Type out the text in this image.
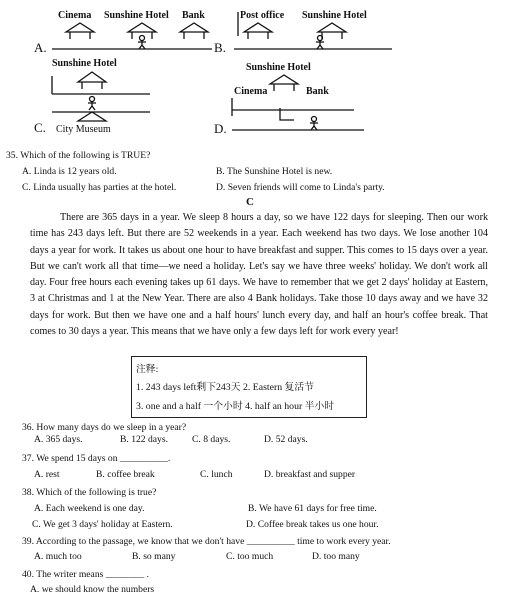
A.
Cinema Sunshine Hotel Bank
B.
Post office Sunshine Hotel
C.
Sunshine Hotel
City Museum	D.
Sunshine Hotel
Cinema	Bank
35. Which of the following is TRUE?
A. Linda is 12 years old.	B. The Sunshine Hotel is new.
C. Linda usually has parties at the hotel.	D. Seven friends will come to Linda's party.
C

There are 365 days in a year. We sleep 8 hours a day, so we have 122 days for sleeping. Then our work time has 243 days left. But there are 52 weekends in a year. Each weekend has two days. We lose another 104 days a year for work. It takes us about one hour to have breakfast and supper. This comes to 15 days over a year. But we can't work all that time—we need a holiday. Let's say we have three weeks' holiday. We don't work all day. Four free hours each evening takes up 61 days. We have to remember that we get 2 days' holiday at Eastern, 3 at Christmas and 1 at the New Year. There are also 4 Bank holidays. Take those 10 days away and we have 32 days for work. But then we have one and a half hours' lunch every day, and half an hour's coffee break. That comes to 30 days a year. This means that we have only a few days left for work every year!

注释:
1. 243 days left剩下243天 2. Eastern 复活节
3. one and a half 一个小时 4. half an hour 半小时
36. How many days do we sleep in a year?
A. 365 days.	B. 122 days.	C. 8 days.	D. 52 days.
37. We spend 15 days on __________.
A. rest	B. coffee break	C. lunch	D. breakfast and supper
38. Which of the following is true?
A. Each weekend is one day.	B. We have 61 days for free time.
C. We get 3 days' holiday at Eastern.	D. Coffee break takes us one hour.
39. According to the passage, we know that we don't have __________ time to work every year.
A. much too	B. so many	C. too much	D. too many
40. The writer means ________ .
A. we should know the numbers
